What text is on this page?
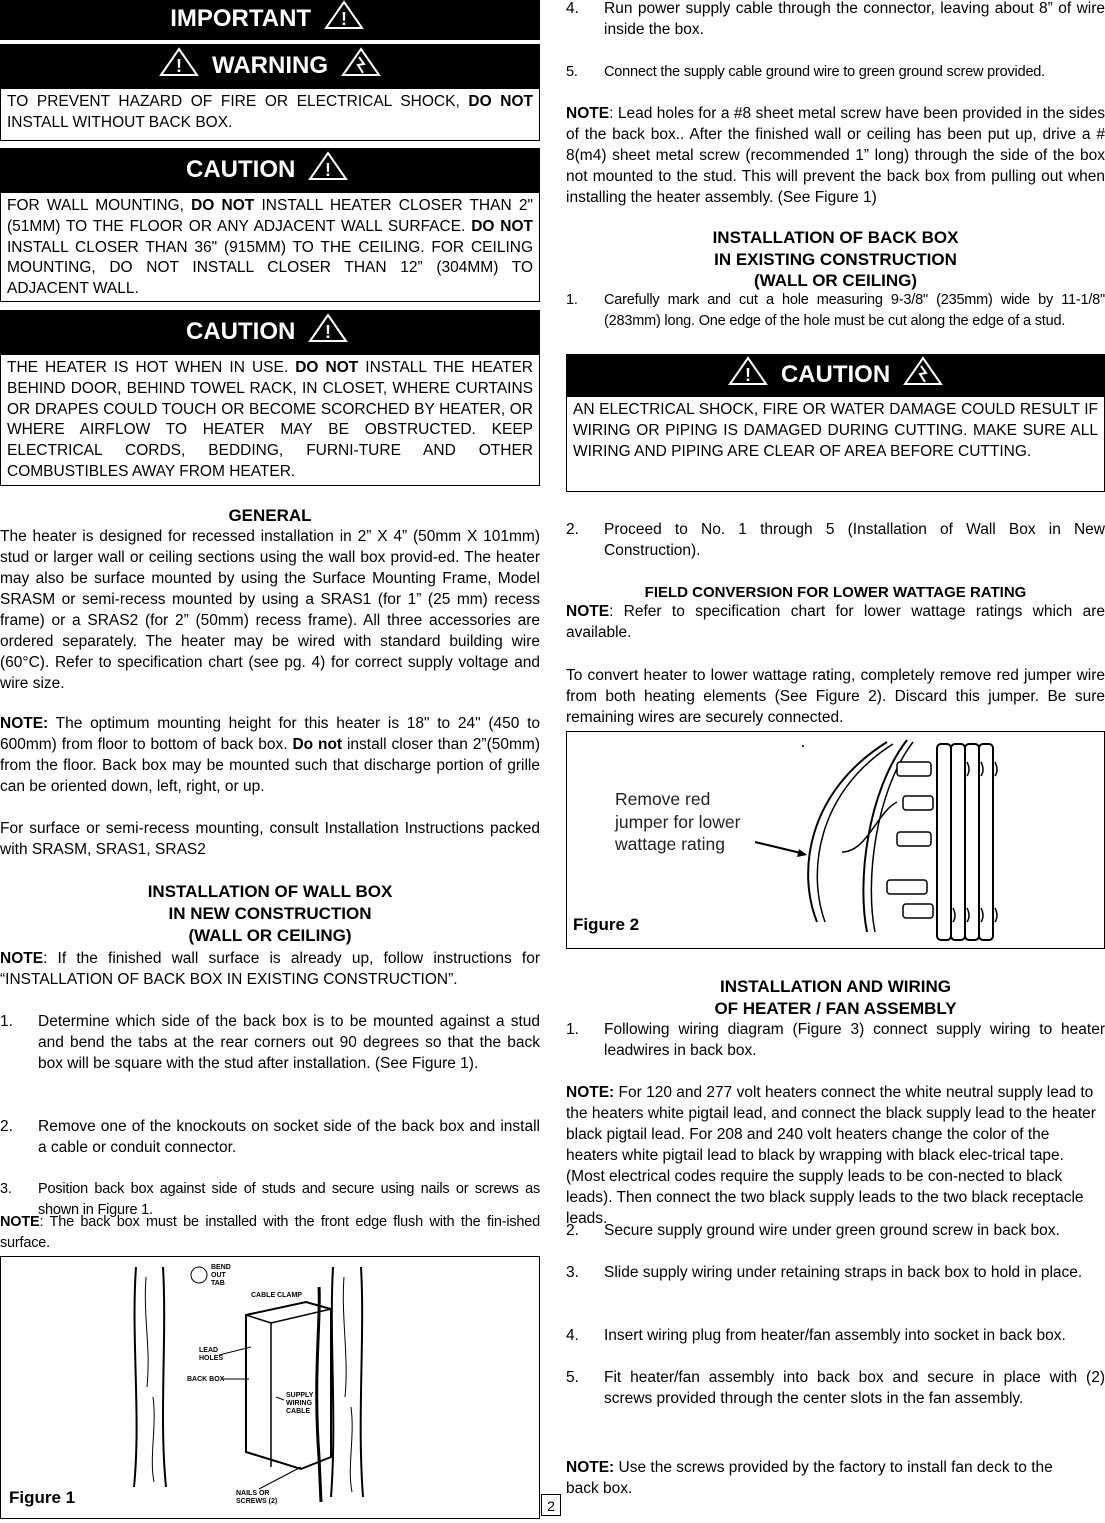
IMPORTANT !
! WARNING
TO PREVENT HAZARD OF FIRE OR ELECTRICAL SHOCK, DO NOT INSTALL WITHOUT BACK BOX.
CAUTION !
FOR WALL MOUNTING, DO NOT INSTALL HEATER CLOSER THAN 2" (51MM) TO THE FLOOR OR ANY ADJACENT WALL SURFACE. DO NOT INSTALL CLOSER THAN 36" (915MM) TO THE CEILING. FOR CEILING MOUNTING, DO NOT INSTALL CLOSER THAN 12” (304MM) TO ADJACENT WALL.
CAUTION !
THE HEATER IS HOT WHEN IN USE. DO NOT INSTALL THE HEATER BEHIND DOOR, BEHIND TOWEL RACK, IN CLOSET, WHERE CURTAINS OR DRAPES COULD TOUCH OR BECOME SCORCHED BY HEATER, OR WHERE AIRFLOW TO HEATER MAY BE OBSTRUCTED. KEEP ELECTRICAL CORDS, BEDDING, FURNI-TURE AND OTHER COMBUSTIBLES AWAY FROM HEATER.
GENERAL
The heater is designed for recessed installation in 2” X 4” (50mm X 101mm) stud or larger wall or ceiling sections using the wall box provid-ed. The heater may also be surface mounted by using the Surface Mounting Frame, Model SRASM or semi-recess mounted by using a SRAS1 (for 1” (25 mm) recess frame) or a SRAS2 (for 2” (50mm) recess frame). All three accessories are ordered separately. The heater may be wired with standard building wire (60°C). Refer to specification chart (see pg. 4) for correct supply voltage and wire size.
NOTE: The optimum mounting height for this heater is 18" to 24" (450 to 600mm) from floor to bottom of back box. Do not install closer than 2”(50mm) from the floor. Back box may be mounted such that discharge portion of grille can be oriented down, left, right, or up.
For surface or semi-recess mounting, consult Installation Instructions packed with SRASM, SRAS1, SRAS2
INSTALLATION OF WALL BOX
IN NEW CONSTRUCTION
(WALL OR CEILING)
NOTE: If the finished wall surface is already up, follow instructions for “INSTALLATION OF BACK BOX IN EXISTING CONSTRUCTION”.
1. Determine which side of the back box is to be mounted against a stud and bend the tabs at the rear corners out 90 degrees so that the back box will be square with the stud after installation. (See Figure 1).
2. Remove one of the knockouts on socket side of the back box and install a cable or conduit connector.
3. Position back box against side of studs and secure using nails or screws as shown in Figure 1.
NOTE: The back box must be installed with the front edge flush with the fin-ished surface.
BEND
OUT
TAB
CABLE CLAMP
LEAD
HOLES
BACK BOX
SUPPLY
WIRING
CABLE
NAILS OR
SCREWS (2)
Figure 1	2
4. Run power supply cable through the connector, leaving about 8” of wire inside the box.
5. Connect the supply cable ground wire to green ground screw provided.
NOTE: Lead holes for a #8 sheet metal screw have been provided in the sides of the back box.. After the finished wall or ceiling has been put up, drive a # 8(m4) sheet metal screw (recommended 1” long) through the side of the box not mounted to the stud. This will prevent the back box from pulling out when installing the heater assembly. (See Figure 1)
INSTALLATION OF BACK BOX
IN EXISTING CONSTRUCTION
(WALL OR CEILING)
1. Carefully mark and cut a hole measuring 9-3/8" (235mm) wide by 11-1/8" (283mm) long. One edge of the hole must be cut along the edge of a stud.
! CAUTION
AN ELECTRICAL SHOCK, FIRE OR WATER DAMAGE COULD RESULT IF WIRING OR PIPING IS DAMAGED DURING CUTTING. MAKE SURE ALL WIRING AND PIPING ARE CLEAR OF AREA BEFORE CUTTING.
2. Proceed to No. 1 through 5 (Installation of Wall Box in New Construction).
FIELD CONVERSION FOR LOWER WATTAGE RATING
NOTE: Refer to specification chart for lower wattage ratings which are available.
To convert heater to lower wattage rating, completely remove red jumper wire from both heating elements (See Figure 2). Discard this jumper. Be sure remaining wires are securely connected.
Remove red jumper for lower wattage rating
Figure 2
INSTALLATION AND WIRING
OF HEATER / FAN ASSEMBLY
1. Following wiring diagram (Figure 3) connect supply wiring to heater leadwires in back box.
NOTE: For 120 and 277 volt heaters connect the white neutral supply lead to the heaters white pigtail lead, and connect the black supply lead to the heater black pigtail lead. For 208 and 240 volt heaters change the color of the heaters white pigtail lead to black by wrapping with black elec-trical tape. (Most electrical codes require the supply leads to be con-nected to black leads). Then connect the two black supply leads to the two black receptacle leads.
2. Secure supply ground wire under green ground screw in back box.
3. Slide supply wiring under retaining straps in back box to hold in place.
4. Insert wiring plug from heater/fan assembly into socket in back box.
5. Fit heater/fan assembly into back box and secure in place with (2) screws provided through the center slots in the fan assembly.
NOTE: Use the screws provided by the factory to install fan deck to the back box.
